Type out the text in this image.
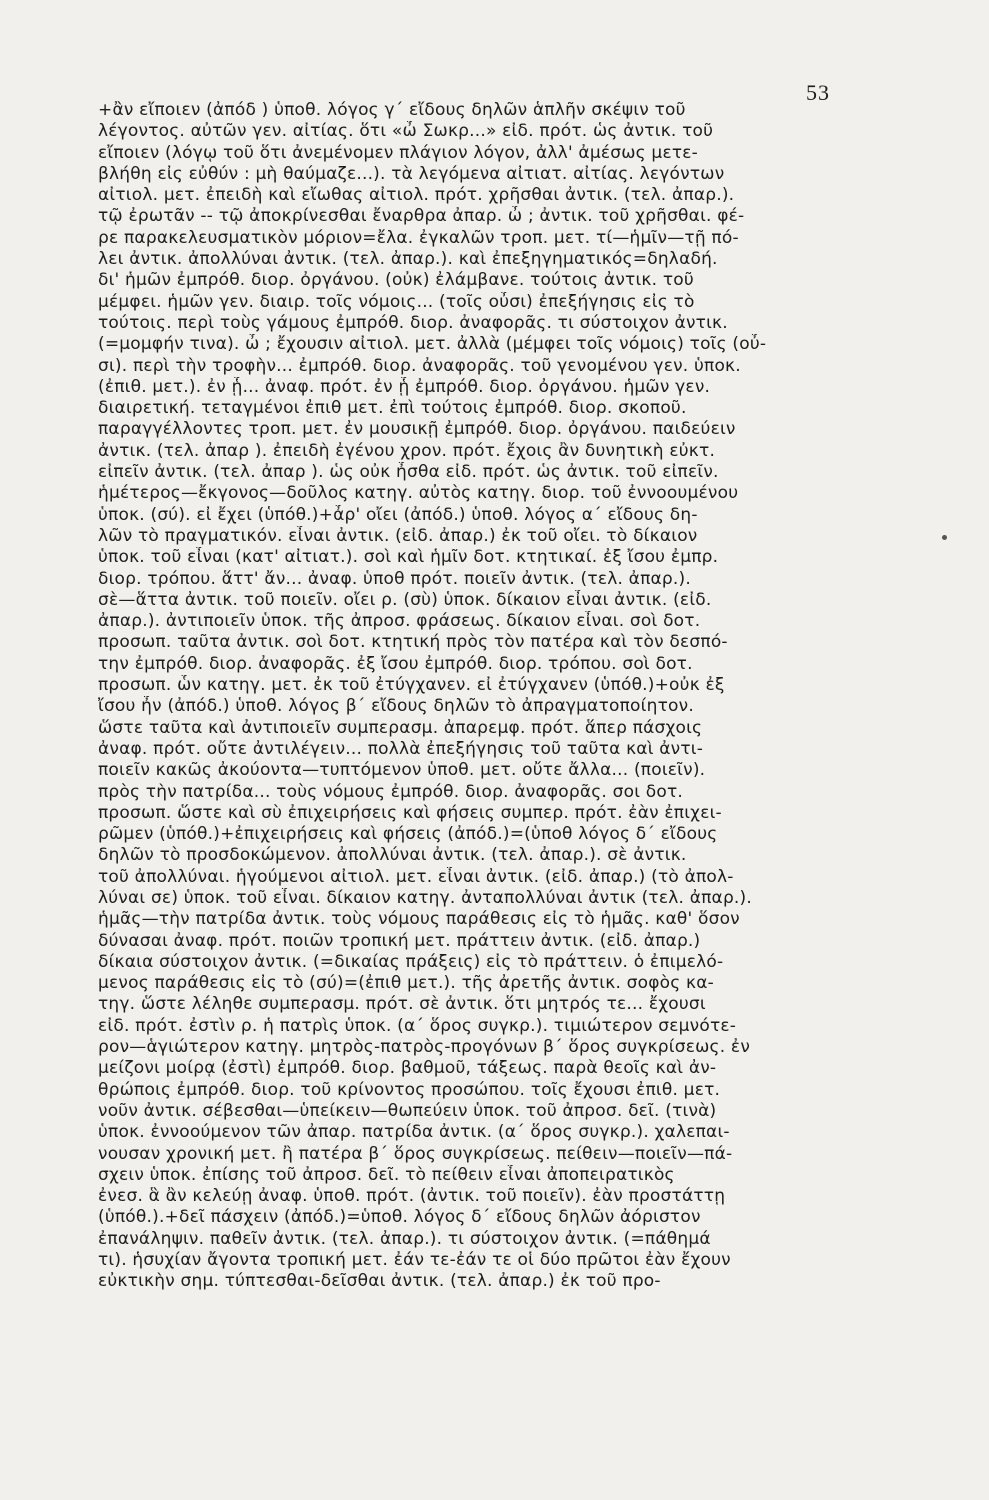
53
+ἂν εἴποιεν (ἀπόδ ) ὑποθ. λόγος γ΄ εἴδους δηλῶν ἁπλῆν σκέψιν τοῦ
λέγοντος. αὐτῶν γεν. αἰτίας. ὅτι «ὦ Σωκρ...» εἰδ. πρότ. ὡς ἀντικ. τοῦ
εἴποιεν (λόγῳ τοῦ ὅτι ἀνεμένομεν πλάγιον λόγον, ἀλλ' ἀμέσως μετε-
βλήθη εἰς εὐθύν : μὴ θαύμαζε...). τὰ λεγόμενα αἰτιατ. αἰτίας. λεγόντων
αἰτιολ. μετ. ἐπειδὴ καὶ εἴωθας αἰτιολ. πρότ. χρῆσθαι ἀντικ. (τελ. ἀπαρ.).
τῷ ἐρωτᾶν -- τῷ ἀποκρίνεσθαι ἔναρθρα ἀπαρ. ὦ ; ἀντικ. τοῦ χρῆσθαι. φέ-
ρε παρακελευσματικὸν μόριον=ἔλα. ἐγκαλῶν τροπ. μετ. τί—ἡμῖν—τῇ πό-
λει ἀντικ. ἀπολλύναι ἀντικ. (τελ. ἀπαρ.). καὶ ἐπεξηγηματικός=δηλαδή.
δι' ἡμῶν ἐμπρόθ. διορ. ὀργάνου. (οὐκ) ἐλάμβανε. τούτοις ἀντικ. τοῦ
μέμφει. ἡμῶν γεν. διαιρ. τοῖς νόμοις... (τοῖς οὖσι) ἐπεξήγησις εἰς τὸ
τούτοις. περὶ τοὺς γάμους ἐμπρόθ. διορ. ἀναφορᾶς. τι σύστοιχον ἀντικ.
(=μομφήν τινα). ὦ ; ἔχουσιν αἰτιολ. μετ. ἀλλὰ (μέμφει τοῖς νόμοις) τοῖς (οὖ-
σι). περὶ τὴν τροφὴν... ἐμπρόθ. διορ. ἀναφορᾶς. τοῦ γενομένου γεν. ὑποκ.
(ἐπιθ. μετ.). ἐν ᾗ... ἀναφ. πρότ. ἐν ᾗ ἐμπρόθ. διορ. ὀργάνου. ἡμῶν γεν.
διαιρετική. τεταγμένοι ἐπιθ μετ. ἐπὶ τούτοις ἐμπρόθ. διορ. σκοποῦ.
παραγγέλλοντες τροπ. μετ. ἐν μουσικῇ ἐμπρόθ. διορ. ὀργάνου. παιδεύειν
ἀντικ. (τελ. ἀπαρ ). ἐπειδὴ ἐγένου χρον. πρότ. ἔχοις ἂν δυνητικὴ εὐκτ.
εἰπεῖν ἀντικ. (τελ. ἀπαρ ). ὡς οὐκ ἦσθα εἰδ. πρότ. ὡς ἀντικ. τοῦ εἰπεῖν.
ἡμέτερος—ἔκγονος—δοῦλος κατηγ. αὐτὸς κατηγ. διορ. τοῦ ἐννοουμένου
ὑποκ. (σύ). εἰ ἔχει (ὑπόθ.)+ἆρ' οἴει (ἀπόδ.) ὑποθ. λόγος α΄ εἴδους δη-
λῶν τὸ πραγματικόν. εἶναι ἀντικ. (εἰδ. ἀπαρ.) ἐκ τοῦ οἴει. τὸ δίκαιον
ὑποκ. τοῦ εἶναι (κατ' αἰτιατ.). σοὶ καὶ ἡμῖν δοτ. κτητικαί. ἐξ ἴσου ἐμπρ.
διορ. τρόπου. ἅττ' ἄν... ἀναφ. ὑποθ πρότ. ποιεῖν ἀντικ. (τελ. ἀπαρ.).
σὲ—ἅττα ἀντικ. τοῦ ποιεῖν. οἴει ρ. (σὺ) ὑποκ. δίκαιον εἶναι ἀντικ. (εἰδ.
ἀπαρ.). ἀντιποιεῖν ὑποκ. τῆς ἀπροσ. φράσεως. δίκαιον εἶναι. σοὶ δοτ.
προσωπ. ταῦτα ἀντικ. σοὶ δοτ. κτητική πρὸς τὸν πατέρα καὶ τὸν δεσπό-
την ἐμπρόθ. διορ. ἀναφορᾶς. ἐξ ἴσου ἐμπρόθ. διορ. τρόπου. σοὶ δοτ.
προσωπ. ὧν κατηγ. μετ. ἐκ τοῦ ἐτύγχανεν. εἰ ἐτύγχανεν (ὑπόθ.)+οὐκ ἐξ
ἴσου ἦν (ἀπόδ.) ὑποθ. λόγος β΄ εἴδους δηλῶν τὸ ἀπραγματοποίητον.
ὥστε ταῦτα καὶ ἀντιποιεῖν συμπερασμ. ἀπαρεμφ. πρότ. ἅπερ πάσχοις
ἀναφ. πρότ. οὔτε ἀντιλέγειν... πολλὰ ἐπεξήγησις τοῦ ταῦτα καὶ ἀντι-
ποιεῖν κακῶς ἀκούοντα—τυπτόμενον ὑποθ. μετ. οὔτε ἄλλα... (ποιεῖν).
πρὸς τὴν πατρίδα... τοὺς νόμους ἐμπρόθ. διορ. ἀναφορᾶς. σοι δοτ.
προσωπ. ὥστε καὶ σὺ ἐπιχειρήσεις καὶ φήσεις συμπερ. πρότ. ἐὰν ἐπιχει-
ρῶμεν (ὑπόθ.)+ἐπιχειρήσεις καὶ φήσεις (ἀπόδ.)=(ὑποθ λόγος δ΄ εἴδους
δηλῶν τὸ προσδοκώμενον. ἀπολλύναι ἀντικ. (τελ. ἀπαρ.). σὲ ἀντικ.
τοῦ ἀπολλύναι. ἡγούμενοι αἰτιολ. μετ. εἶναι ἀντικ. (εἰδ. ἀπαρ.) (τὸ ἀπολ-
λύναι σε) ὑποκ. τοῦ εἶναι. δίκαιον κατηγ. ἀνταπολλύναι ἀντικ (τελ. ἀπαρ.).
ἡμᾶς—τὴν πατρίδα ἀντικ. τοὺς νόμους παράθεσις εἰς τὸ ἡμᾶς. καθ' ὅσον
δύνασαι ἀναφ. πρότ. ποιῶν τροπική μετ. πράττειν ἀντικ. (εἰδ. ἀπαρ.)
δίκαια σύστοιχον ἀντικ. (=δικαίας πράξεις) εἰς τὸ πράττειν. ὁ ἐπιμελό-
μενος παράθεσις εἰς τὸ (σύ)=(ἐπιθ μετ.). τῆς ἀρετῆς ἀντικ. σοφὸς κα-
τηγ. ὥστε λέληθε συμπερασμ. πρότ. σὲ ἀντικ. ὅτι μητρός τε... ἔχουσι
εἰδ. πρότ. ἐστὶν ρ. ἡ πατρὶς ὑποκ. (α΄ ὅρος συγκρ.). τιμιώτερον σεμνότε-
ρον—ἁγιώτερον κατηγ. μητρὸς-πατρὸς-προγόνων β΄ ὅρος συγκρίσεως. ἐν
μείζονι μοίρᾳ (ἐστὶ) ἐμπρόθ. διορ. βαθμοῦ, τάξεως. παρὰ θεοῖς καὶ ἀν-
θρώποις ἐμπρόθ. διορ. τοῦ κρίνοντος προσώπου. τοῖς ἔχουσι ἐπιθ. μετ.
νοῦν ἀντικ. σέβεσθαι—ὑπείκειν—θωπεύειν ὑποκ. τοῦ ἀπροσ. δεῖ. (τινὰ)
ὑποκ. ἐννοούμενον τῶν ἀπαρ. πατρίδα ἀντικ. (α΄ ὅρος συγκρ.). χαλεπαι-
νουσαν χρονική μετ. ἢ πατέρα β΄ ὅρος συγκρίσεως. πείθειν—ποιεῖν—πά-
σχειν ὑποκ. ἐπίσης τοῦ ἀπροσ. δεῖ. τὸ πείθειν εἶναι ἀποπειρατικὸς
ἐνεσ. ἃ ἂν κελεύῃ ἀναφ. ὑποθ. πρότ. (ἀντικ. τοῦ ποιεῖν). ἐὰν προστάττῃ
(ὑπόθ.).+δεῖ πάσχειν (ἀπόδ.)=ὑποθ. λόγος δ΄ εἴδους δηλῶν ἀόριστον
ἐπανάληψιν. παθεῖν ἀντικ. (τελ. ἀπαρ.). τι σύστοιχον ἀντικ. (=πάθημά
τι). ἡσυχίαν ἄγοντα τροπική μετ. ἐάν τε-ἐάν τε οἱ δύο πρῶτοι ἐὰν ἔχουν
εὐκτικὴν σημ. τύπτεσθαι-δεῖσθαι ἀντικ. (τελ. ἀπαρ.) ἐκ τοῦ προ-
